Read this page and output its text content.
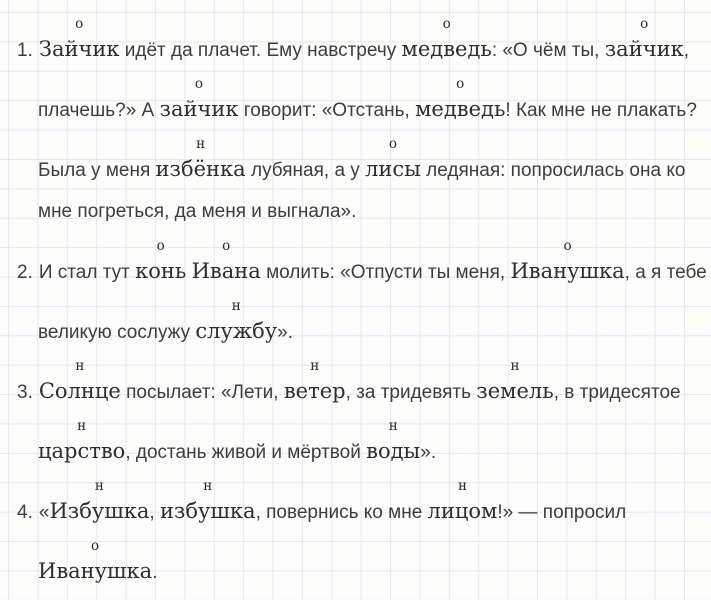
1.
о
Зайчик идёт да плачет. Ему навстречу
о
медведь: «О чём ты,
о
зайчик,
плачешь?» А
о
зайчик говорит: «Отстань,
о
медведь! Как мне не плакать?
Была у меня
н
избёнка лубяная, а у
о
лисы ледяная: попросилась она ко
мне погреться, да меня и выгнала».
2. И стал тут
о
конь
о
Ивана молить: «Отпусти ты меня,
о
Иванушка, а я тебе
великую сослужу
н
службу».
3.
н
Солнце посылает: «Лети,
н
ветер, за тридевять
н
земель, в тридесятое
н
царство, достань живой и мёртвой
н
воды».
4. «
н
Избушка,
н
избушка, повернись ко мне
н
лицом!» — попросил
о
Иванушка.
